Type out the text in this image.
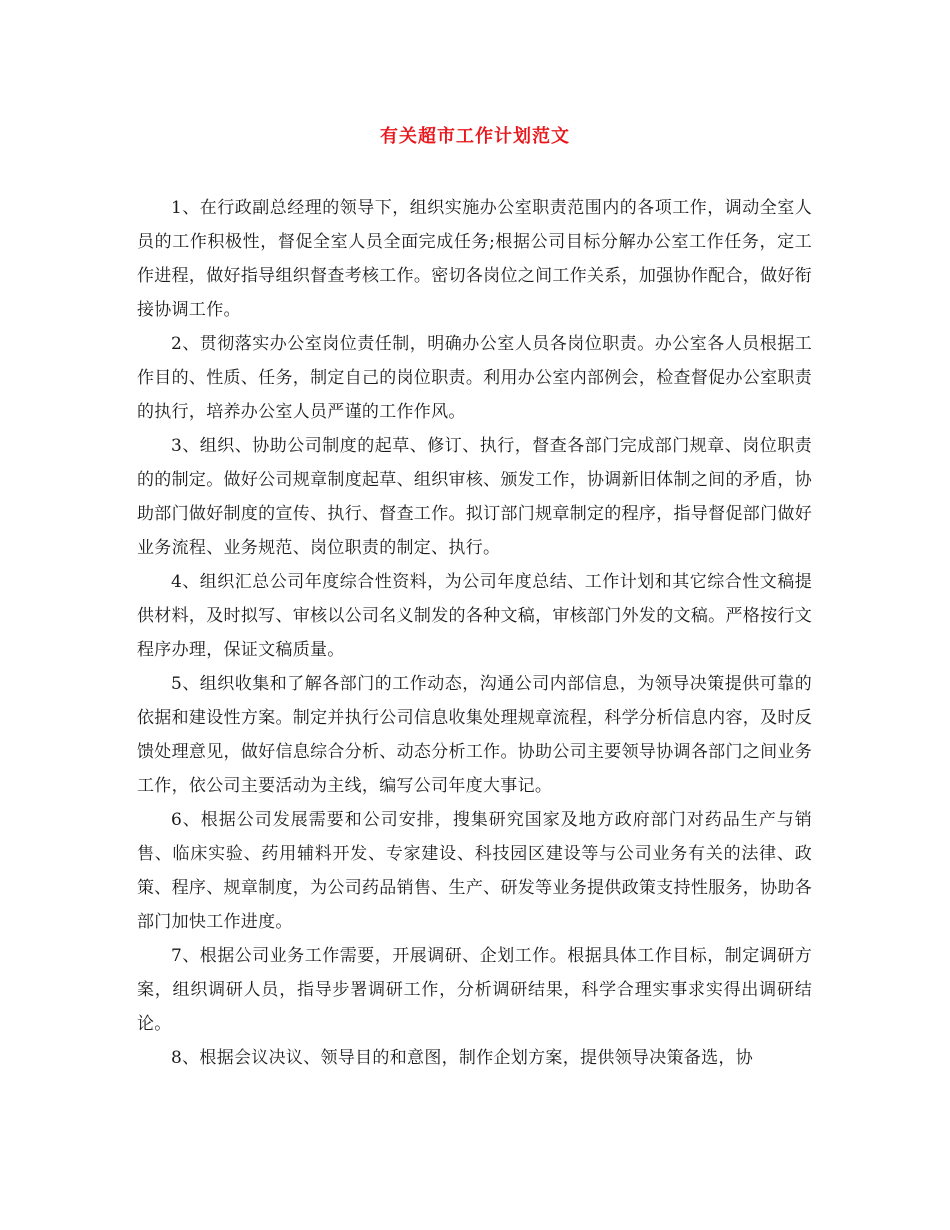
有关超市工作计划范文

1、在行政副总经理的领导下，组织实施办公室职责范围内的各项工作，调动全室人员的工作积极性，督促全室人员全面完成任务;根据公司目标分解办公室工作任务，定工作进程，做好指导组织督查考核工作。密切各岗位之间工作关系，加强协作配合，做好衔接协调工作。

2、贯彻落实办公室岗位责任制，明确办公室人员各岗位职责。办公室各人员根据工作目的、性质、任务，制定自己的岗位职责。利用办公室内部例会，检查督促办公室职责的执行，培养办公室人员严谨的工作作风。

3、组织、协助公司制度的起草、修订、执行，督查各部门完成部门规章、岗位职责的的制定。做好公司规章制度起草、组织审核、颁发工作，协调新旧体制之间的矛盾，协助部门做好制度的宣传、执行、督查工作。拟订部门规章制定的程序，指导督促部门做好业务流程、业务规范、岗位职责的制定、执行。

4、组织汇总公司年度综合性资料，为公司年度总结、工作计划和其它综合性文稿提供材料，及时拟写、审核以公司名义制发的各种文稿，审核部门外发的文稿。严格按行文程序办理，保证文稿质量。

5、组织收集和了解各部门的工作动态，沟通公司内部信息，为领导决策提供可靠的依据和建设性方案。制定并执行公司信息收集处理规章流程，科学分析信息内容，及时反馈处理意见，做好信息综合分析、动态分析工作。协助公司主要领导协调各部门之间业务工作，依公司主要活动为主线，编写公司年度大事记。

6、根据公司发展需要和公司安排，搜集研究国家及地方政府部门对药品生产与销售、临床实验、药用辅料开发、专家建设、科技园区建设等与公司业务有关的法律、政策、程序、规章制度，为公司药品销售、生产、研发等业务提供政策支持性服务，协助各部门加快工作进度。

7、根据公司业务工作需要，开展调研、企划工作。根据具体工作目标，制定调研方案，组织调研人员，指导步署调研工作，分析调研结果，科学合理实事求实得出调研结论。

8、根据会议决议、领导目的和意图，制作企划方案，提供领导决策备选，协
